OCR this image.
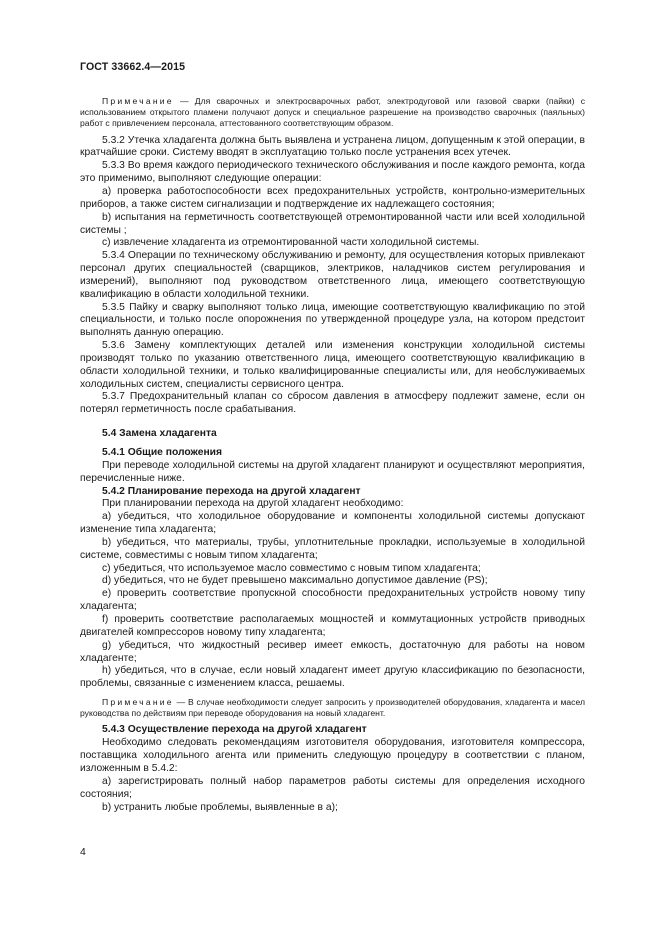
ГОСТ 33662.4—2015

Примечание — Для сварочных и электросварочных работ, электродуговой или газовой сварки (пайки) с использованием открытого пламени получают допуск и специальное разрешение на производство сварочных (паяльных) работ с привлечением персонала, аттестованного соответствующим образом.

5.3.2 Утечка хладагента должна быть выявлена и устранена лицом, допущенным к этой операции, в кратчайшие сроки. Систему вводят в эксплуатацию только после устранения всех утечек.

5.3.3 Во время каждого периодического технического обслуживания и после каждого ремонта, когда это применимо, выполняют следующие операции:

а) проверка работоспособности всех предохранительных устройств, контрольно-измерительных приборов, а также систем сигнализации и подтверждение их надлежащего состояния;

b) испытания на герметичность соответствующей отремонтированной части или всей холодильной системы ;

с) извлечение хладагента из отремонтированной части холодильной системы.

5.3.4 Операции по техническому обслуживанию и ремонту, для осуществления которых привлекают персонал других специальностей (сварщиков, электриков, наладчиков систем регулирования и измерений), выполняют под руководством ответственного лица, имеющего соответствующую квалификацию в области холодильной техники.

5.3.5 Пайку и сварку выполняют только лица, имеющие соответствующую квалификацию по этой специальности, и только после опорожнения по утвержденной процедуре узла, на котором предстоит выполнять данную операцию.

5.3.6 Замену комплектующих деталей или изменения конструкции холодильной системы производят только по указанию ответственного лица, имеющего соответствующую квалификацию в области холодильной техники, и только квалифицированные специалисты или, для необслуживаемых холодильных систем, специалисты сервисного центра.

5.3.7 Предохранительный клапан со сбросом давления в атмосферу подлежит замене, если он потерял герметичность после срабатывания.

5.4 Замена хладагента

5.4.1 Общие положения

При переводе холодильной системы на другой хладагент планируют и осуществляют мероприятия, перечисленные ниже.

5.4.2 Планирование перехода на другой хладагент

При планировании перехода на другой хладагент необходимо:

а) убедиться, что холодильное оборудование и компоненты холодильной системы допускают изменение типа хладагента;

b) убедиться, что материалы, трубы, уплотнительные прокладки, используемые в холодильной системе, совместимы с новым типом хладагента;

c) убедиться, что используемое масло совместимо с новым типом хладагента;

d) убедиться, что не будет превышено максимально допустимое давление (PS);

e) проверить соответствие пропускной способности предохранительных устройств новому типу хладагента;

f) проверить соответствие располагаемых мощностей и коммутационных устройств приводных двигателей компрессоров новому типу хладагента;

g) убедиться, что жидкостный ресивер имеет емкость, достаточную для работы на новом хладагенте;

h) убедиться, что в случае, если новый хладагент имеет другую классификацию по безопасности, проблемы, связанные с изменением класса, решаемы.

Примечание — В случае необходимости следует запросить у производителей оборудования, хладагента и масел руководства по действиям при переводе оборудования на новый хладагент.

5.4.3 Осуществление перехода на другой хладагент

Необходимо следовать рекомендациям изготовителя оборудования, изготовителя компрессора, поставщика холодильного агента или применить следующую процедуру в соответствии с планом, изложенным в 5.4.2:

а) зарегистрировать полный набор параметров работы системы для определения исходного состояния;

b) устранить любые проблемы, выявленные в а);

4
